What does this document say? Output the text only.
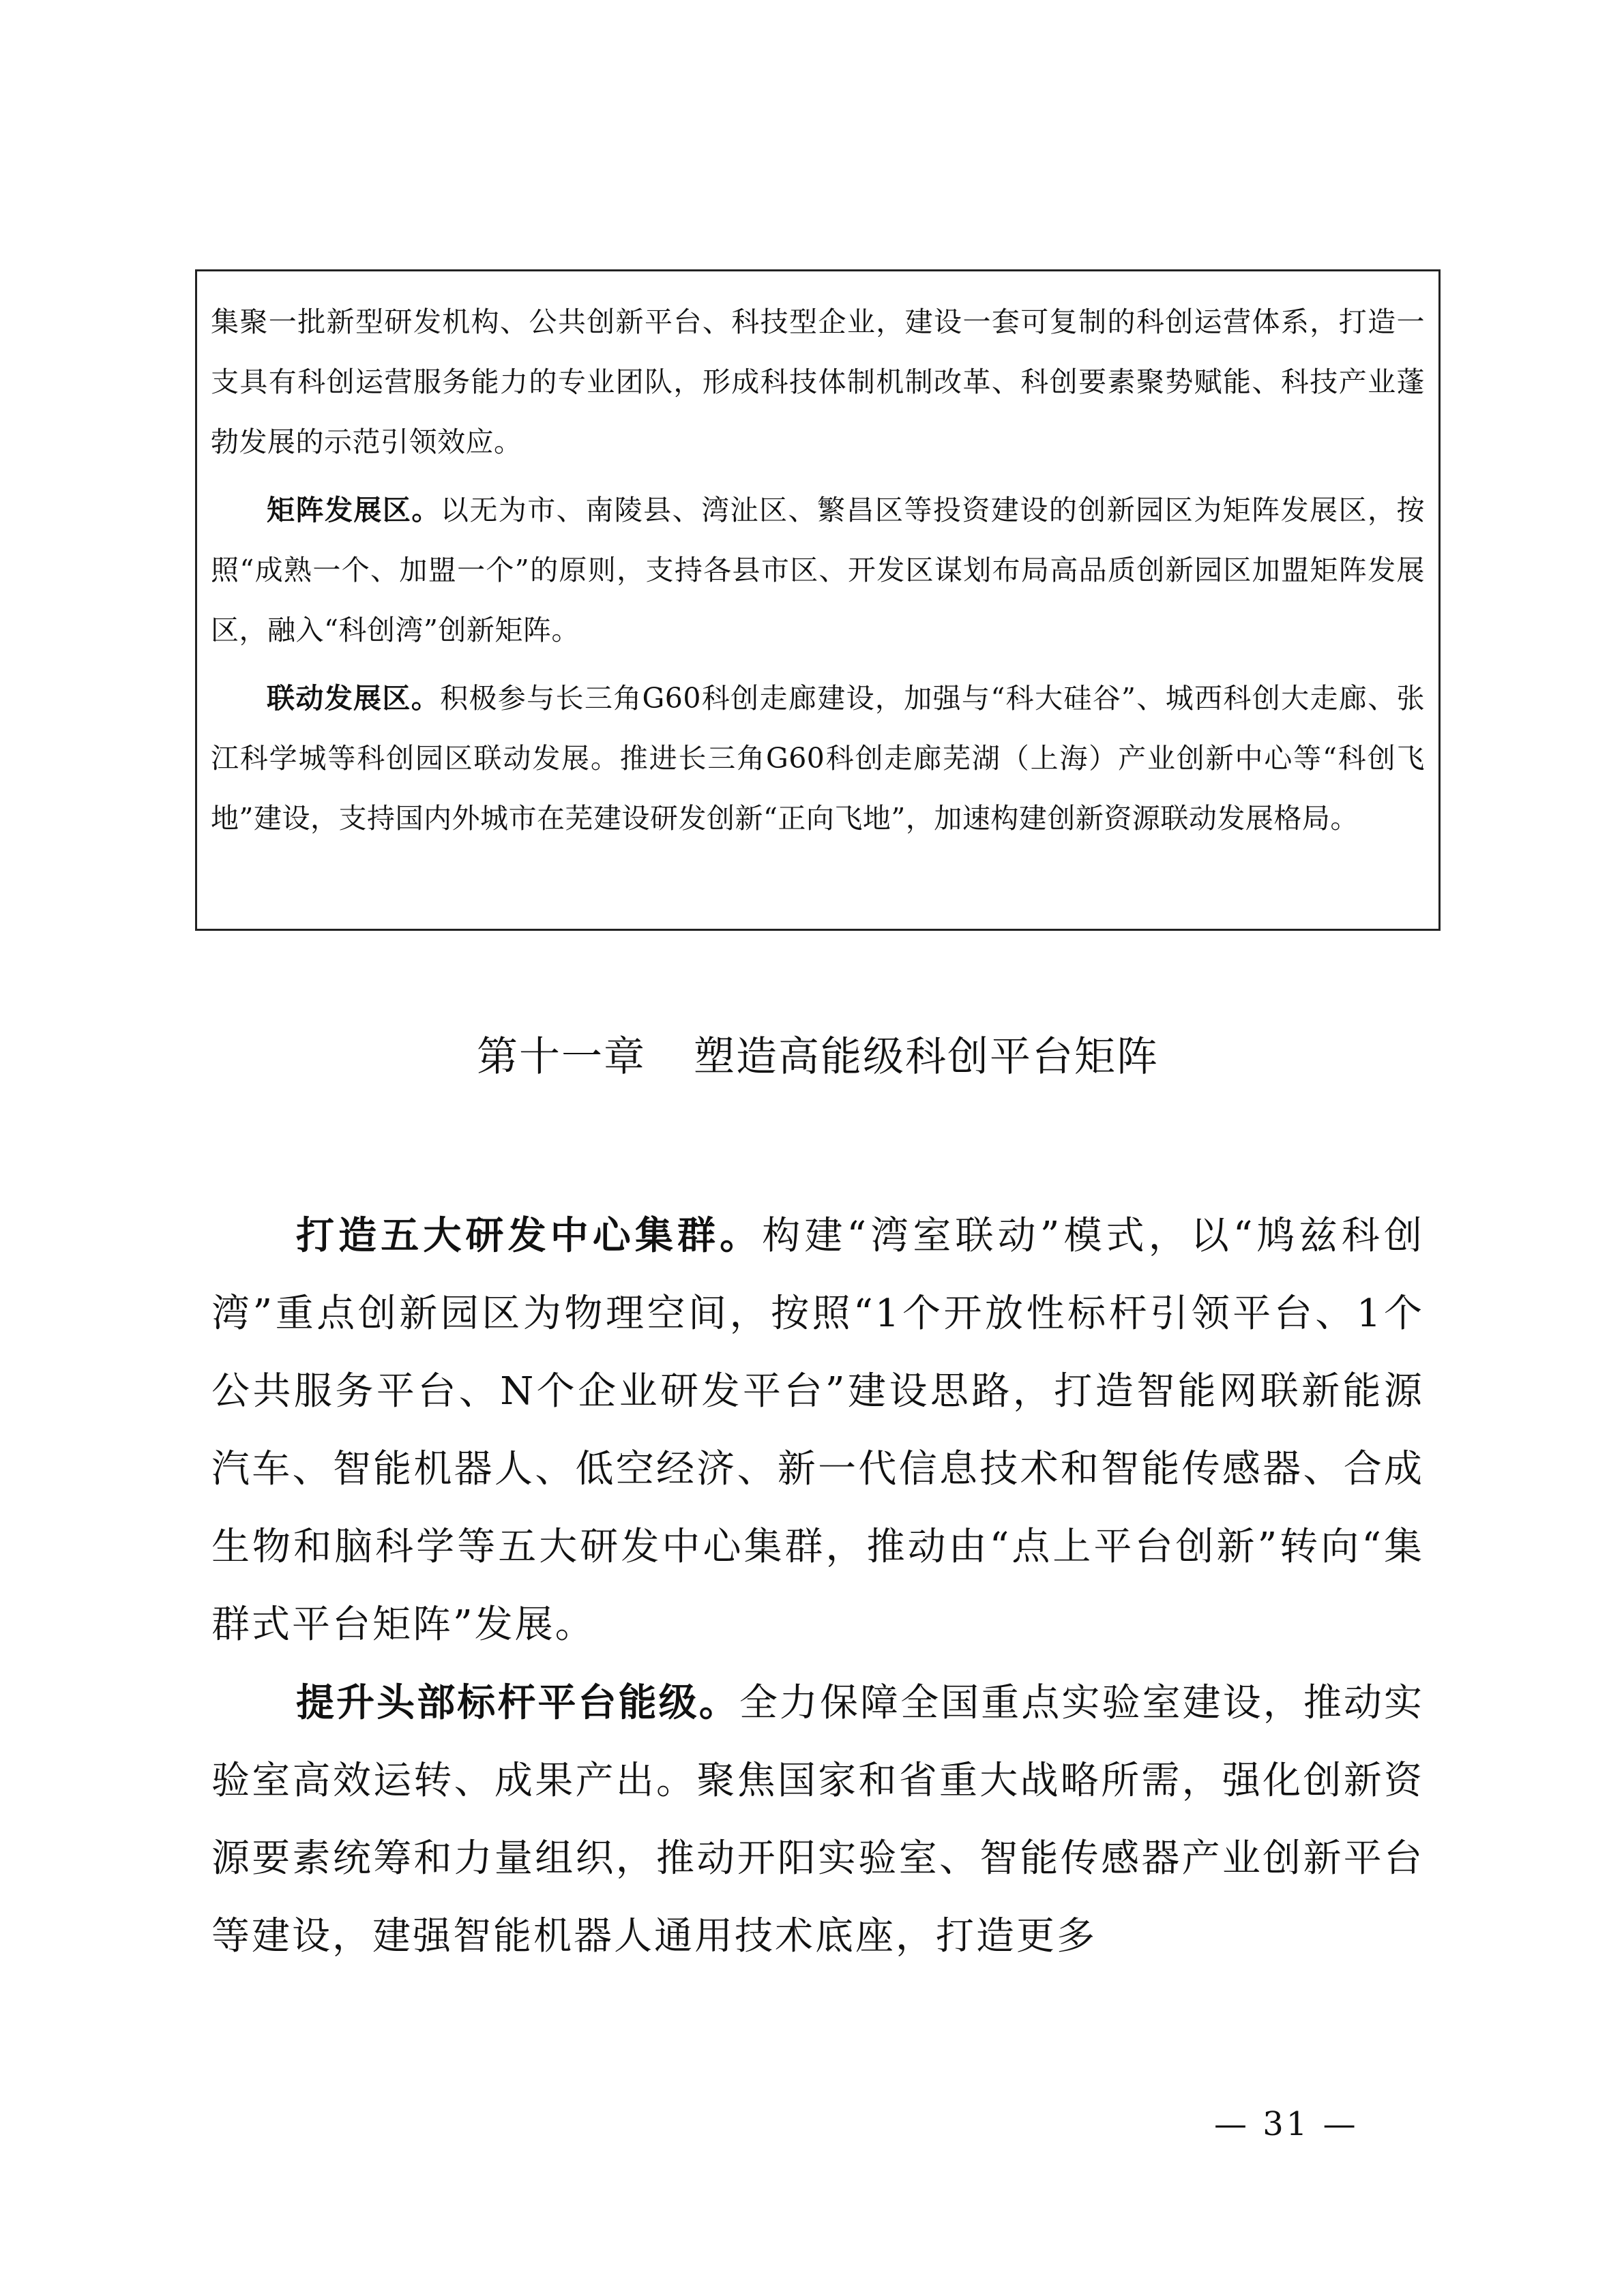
集聚一批新型研发机构、公共创新平台、科技型企业，建设一套可复制的科创运营体系，打造一支具有科创运营服务能力的专业团队，形成科技体制机制改革、科创要素聚势赋能、科技产业蓬勃发展的示范引领效应。

矩阵发展区。以无为市、南陵县、湾沚区、繁昌区等投资建设的创新园区为矩阵发展区，按照“成熟一个、加盟一个”的原则，支持各县市区、开发区谋划布局高品质创新园区加盟矩阵发展区，融入“科创湾”创新矩阵。

联动发展区。积极参与长三角G60科创走廊建设，加强与“科大硅谷”、城西科创大走廊、张江科学城等科创园区联动发展。推进长三角G60科创走廊芜湖（上海）产业创新中心等“科创飞地”建设，支持国内外城市在芜建设研发创新“正向飞地”，加速构建创新资源联动发展格局。

第十一章 塑造高能级科创平台矩阵

打造五大研发中心集群。构建“湾室联动”模式，以“鸠兹科创湾”重点创新园区为物理空间，按照“1个开放性标杆引领平台、1个公共服务平台、N个企业研发平台”建设思路，打造智能网联新能源汽车、智能机器人、低空经济、新一代信息技术和智能传感器、合成生物和脑科学等五大研发中心集群，推动由“点上平台创新”转向“集群式平台矩阵”发展。

提升头部标杆平台能级。全力保障全国重点实验室建设，推动实验室高效运转、成果产出。聚焦国家和省重大战略所需，强化创新资源要素统筹和力量组织，推动开阳实验室、智能传感器产业创新平台等建设，建强智能机器人通用技术底座，打造更多

— 31 —
